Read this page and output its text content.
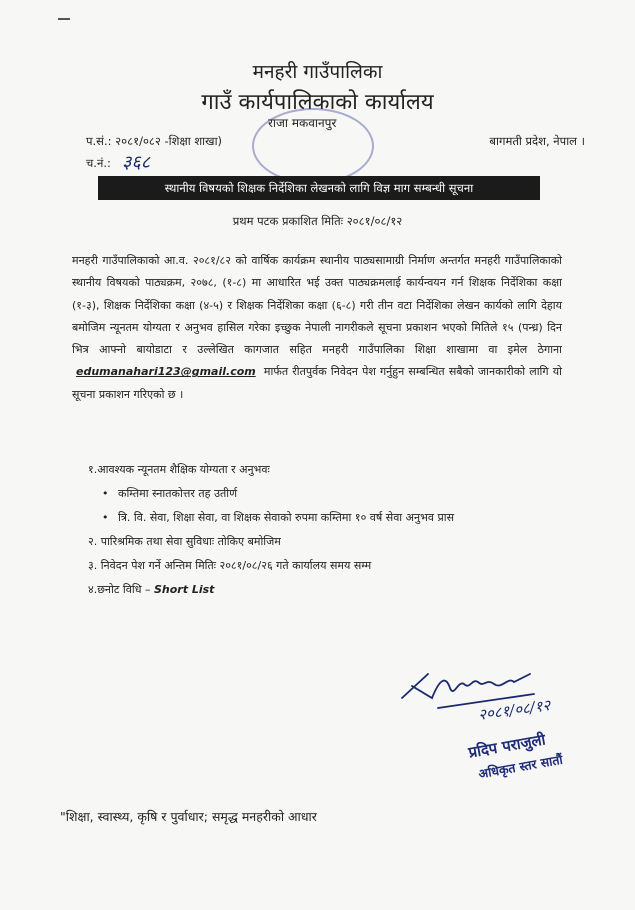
मनहरी गाउँपालिका
गाउँ कार्यपालिकाको कार्यालय
राजा मकवानपुर
प.सं.: २०८१/०८२ -शिक्षा शाखा)	बागमती प्रदेश, नेपाल ।
च.नं.: ३६८
स्थानीय विषयको शिक्षक निर्देशिका लेखनको लागि विज्ञ माग सम्बन्धी सूचना
प्रथम पटक प्रकाशित मितिः २०८१/०८/१२
मनहरी गाउँपालिकाको आ.व. २०८१/८२ को वार्षिक कार्यक्रम स्थानीय पाठ्यसामाग्री निर्माण अन्तर्गत मनहरी गाउँपालिकाको स्थानीय विषयको पाठ्यक्रम, २०७८, (१-८) मा आधारित भई उक्त पाठ्यक्रमलाई कार्यन्वयन गर्न शिक्षक निर्देशिका कक्षा (१-३), शिक्षक निर्देशिका कक्षा (४-५) र शिक्षक निर्देशिका कक्षा (६-८) गरी तीन वटा निर्देशिका लेखन कार्यको लागि देहाय बमोजिम न्यूनतम योग्यता र अनुभव हासिल गरेका इच्छुक नेपाली नागरीकले सूचना प्रकाशन भएको मितिले १५ (पन्ध्र) दिन भित्र आफ्नो बायोडाटा र उल्लेखित कागजात सहित मनहरी गाउँपालिका शिक्षा शाखामा वा इमेल ठेगाना edumanahari123@gmail.com मार्फत रीतपुर्वक निवेदन पेश गर्नुहुन सम्बन्धित सबैको जानकारीको लागि यो सूचना प्रकाशन गरिएको छ ।
१.आवश्यक न्यूनतम शैक्षिक योग्यता र अनुभवः
• कम्तिमा स्नातकोत्तर तह उतीर्ण
• त्रि. वि. सेवा, शिक्षा सेवा, वा शिक्षक सेवाको रुपमा कम्तिमा १० वर्ष सेवा अनुभव प्रास
२. पारिश्रमिक तथा सेवा सुविधाः तोकिए बमोजिम
३. निवेदन पेश गर्ने अन्तिम मितिः २०८१/०८/२६ गते कार्यालय समय सम्म
४.छनोट विधि – Short List
२०८१/०८/१२
प्रदिप पराजुली
अधिकृत स्तर सातौं
"शिक्षा, स्वास्थ्य, कृषि र पुर्वाधार; समृद्ध मनहरीको आधार
